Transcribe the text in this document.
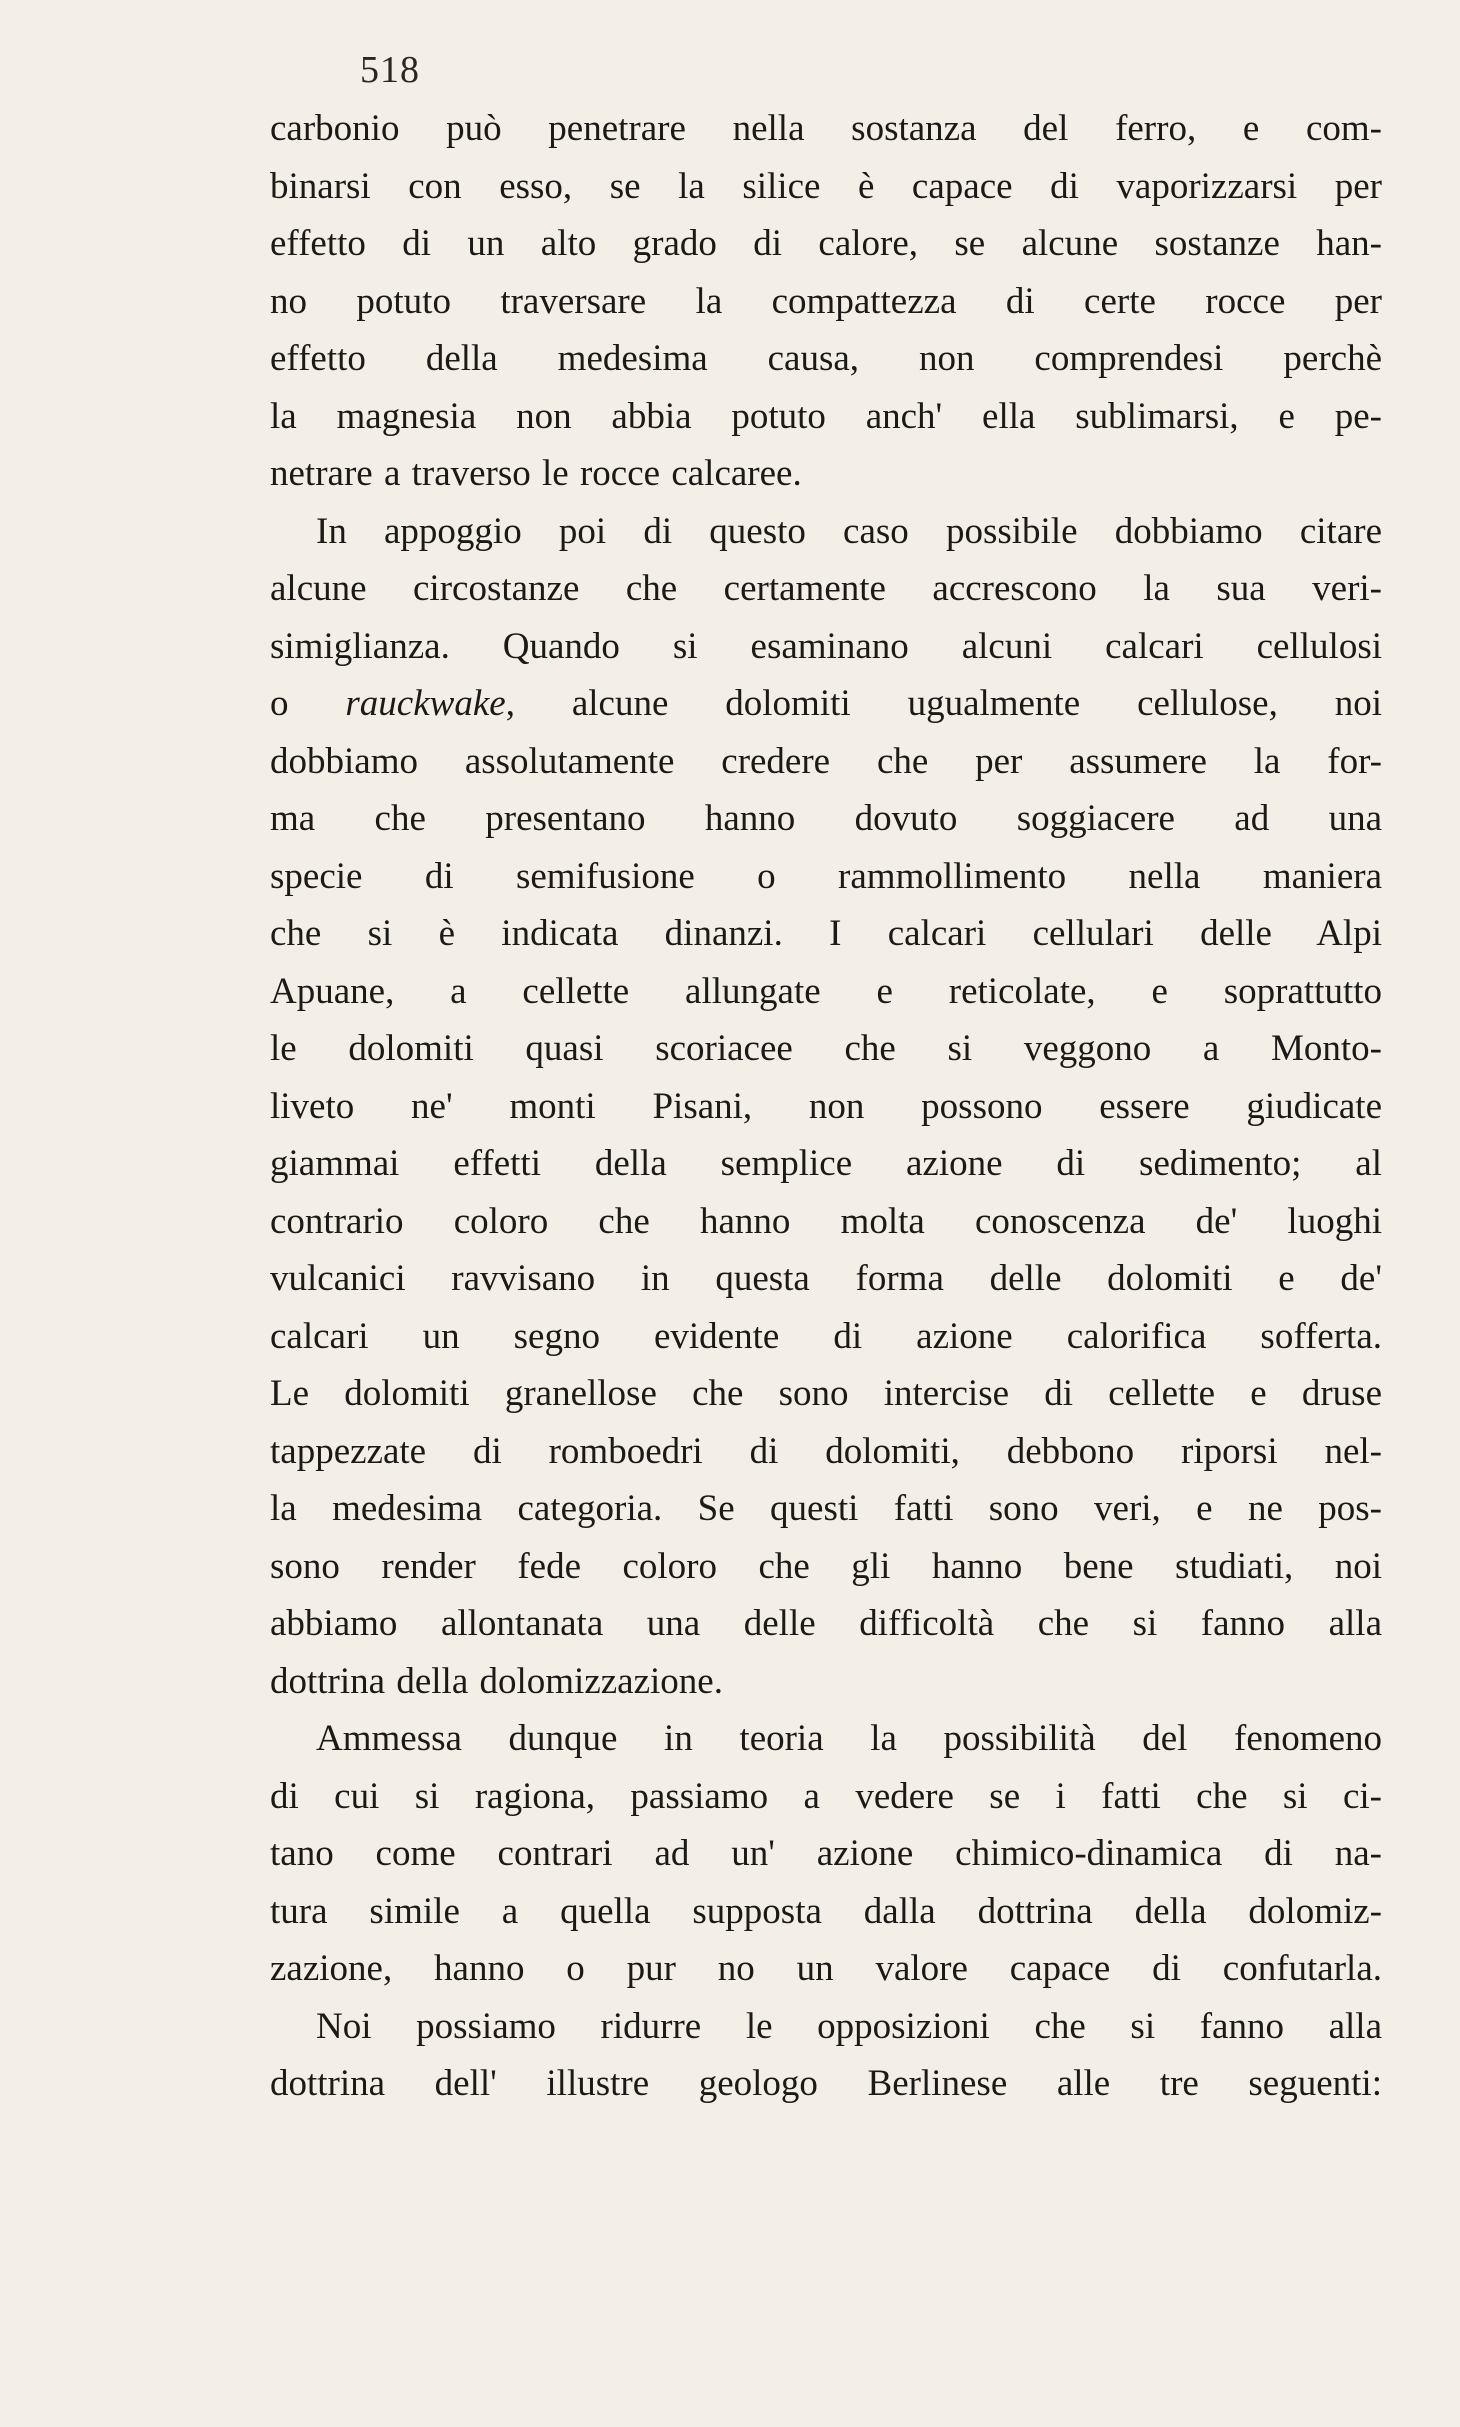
518
carbonio può penetrare nella sostanza del ferro, e com-
binarsi con esso, se la silice è capace di vaporizzarsi per
effetto di un alto grado di calore, se alcune sostanze han-
no potuto traversare la compattezza di certe rocce per
effetto della medesima causa, non comprendesi perchè
la magnesia non abbia potuto anch' ella sublimarsi, e pe-
netrare a traverso le rocce calcaree.
In appoggio poi di questo caso possibile dobbiamo citare
alcune circostanze che certamente accrescono la sua veri-
simiglianza. Quando si esaminano alcuni calcari cellulosi
o rauckwake, alcune dolomiti ugualmente cellulose, noi
dobbiamo assolutamente credere che per assumere la for-
ma che presentano hanno dovuto soggiacere ad una
specie di semifusione o rammollimento nella maniera
che si è indicata dinanzi. I calcari cellulari delle Alpi
Apuane, a cellette allungate e reticolate, e soprattutto
le dolomiti quasi scoriacee che si veggono a Monto-
liveto ne' monti Pisani, non possono essere giudicate
giammai effetti della semplice azione di sedimento; al
contrario coloro che hanno molta conoscenza de' luoghi
vulcanici ravvisano in questa forma delle dolomiti e de'
calcari un segno evidente di azione calorifica sofferta.
Le dolomiti granellose che sono intercise di cellette e druse
tappezzate di romboedri di dolomiti, debbono riporsi nel-
la medesima categoria. Se questi fatti sono veri, e ne pos-
sono render fede coloro che gli hanno bene studiati, noi
abbiamo allontanata una delle difficoltà che si fanno alla
dottrina della dolomizzazione.
Ammessa dunque in teoria la possibilità del fenomeno
di cui si ragiona, passiamo a vedere se i fatti che si ci-
tano come contrari ad un' azione chimico-dinamica di na-
tura simile a quella supposta dalla dottrina della dolomiz-
zazione, hanno o pur no un valore capace di confutarla.
Noi possiamo ridurre le opposizioni che si fanno alla
dottrina dell' illustre geologo Berlinese alle tre seguenti:
